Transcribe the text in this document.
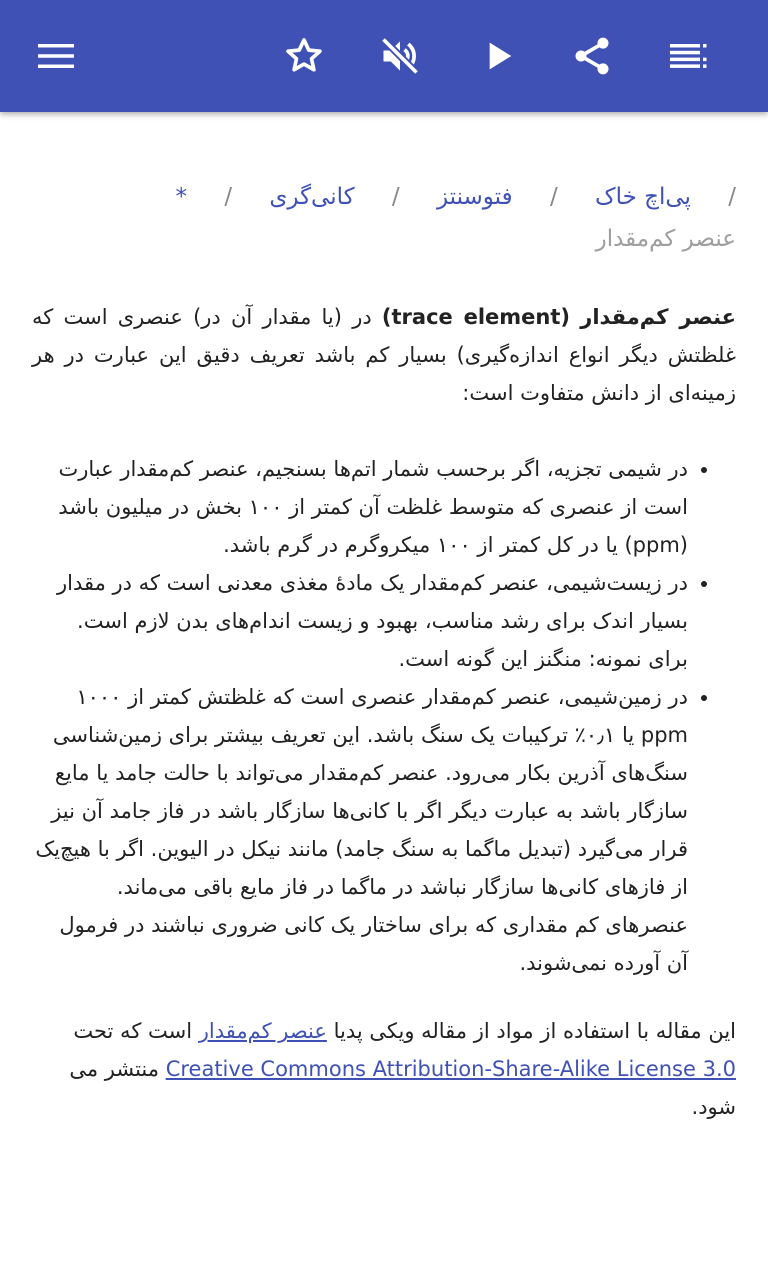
/ پی‌اچ خاک / فتوسنتز / کانی‌گری / *
عنصر کم‌مقدار

عنصر کم‌مقدار (trace element) در (یا مقدار آن در) عنصری است که غلظتش دیگر انواع اندازه‌گیری) بسیار کم باشد تعریف دقیق این عبارت در هر زمینه‌ای از دانش متفاوت است:

• در شیمی تجزیه، اگر برحسب شمار اتم‌ها بسنجیم، عنصر کم‌مقدار عبارت است از عنصری که متوسط غلظت آن کمتر از ۱۰۰ بخش در میلیون باشد (ppm) یا در کل کمتر از ۱۰۰ میکروگرم در گرم باشد.
• در زیست‌شیمی، عنصر کم‌مقدار یک مادهٔ مغذی معدنی است که در مقدار بسیار اندک برای رشد مناسب، بهبود و زیست اندام‌های بدن لازم است. برای نمونه: منگنز این گونه است.
• در زمین‌شیمی، عنصر کم‌مقدار عنصری است که غلظتش کمتر از ۱۰۰۰ ppm یا ۰٫۱٪ ترکیبات یک سنگ باشد. این تعریف بیشتر برای زمین‌شناسی سنگ‌های آذرین بکار می‌رود. عنصر کم‌مقدار می‌تواند با حالت جامد یا مایع سازگار باشد به عبارت دیگر اگر با کانی‌ها سازگار باشد در فاز جامد آن نیز قرار می‌گیرد (تبدیل ماگما به سنگ جامد) مانند نیکل در الیوین. اگر با هیچ‌یک از فازهای کانی‌ها سازگار نباشد در ماگما در فاز مایع باقی می‌ماند. عنصرهای کم مقداری که برای ساختار یک کانی ضروری نباشند در فرمول آن آورده نمی‌شوند.

این مقاله با استفاده از مواد از مقاله ویکی پدیا عنصر کم‌مقدار است که تحت Creative Commons Attribution-Share-Alike License 3.0 منتشر می شود.
